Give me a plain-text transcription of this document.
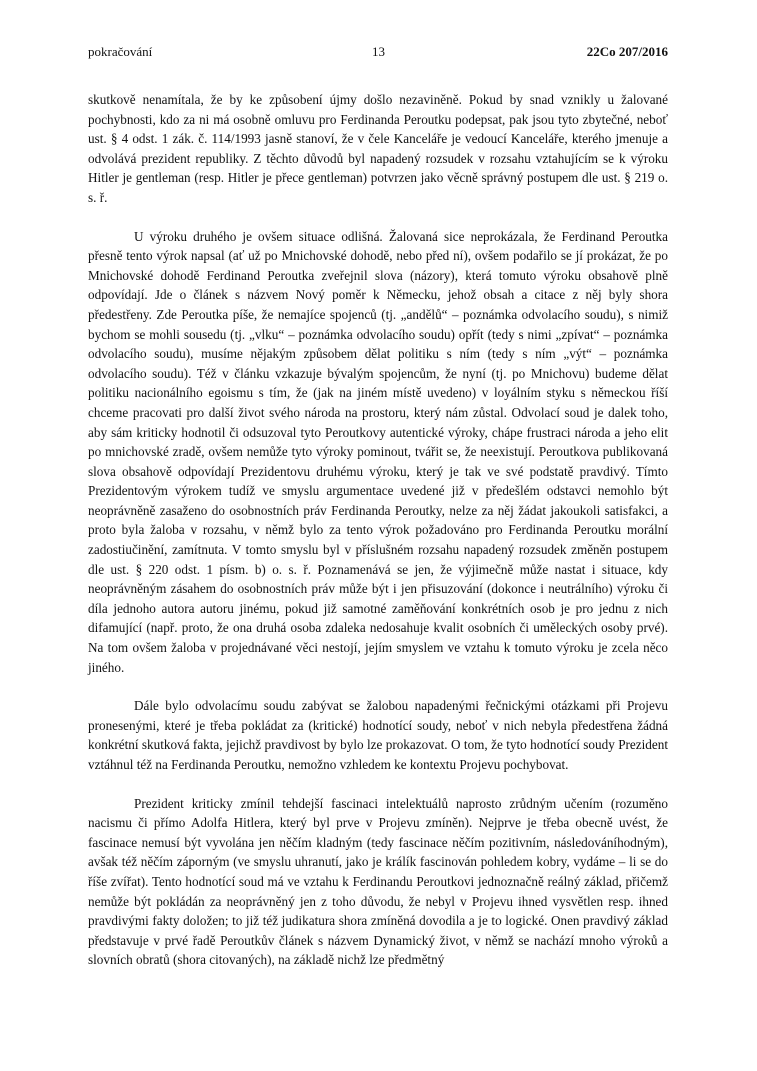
pokračování	13	22Co 207/2016

skutkově nenamítala, že by ke způsobení újmy došlo nezaviněně. Pokud by snad vznikly u žalované pochybnosti, kdo za ni má osobně omluvu pro Ferdinanda Peroutku podepsat, pak jsou tyto zbytečné, neboť ust. § 4 odst. 1 zák. č. 114/1993 jasně stanoví, že v čele Kanceláře je vedoucí Kanceláře, kterého jmenuje a odvolává prezident republiky. Z těchto důvodů byl napadený rozsudek v rozsahu vztahujícím se k výroku Hitler je gentleman (resp. Hitler je přece gentleman) potvrzen jako věcně správný postupem dle ust. § 219 o. s. ř.

U výroku druhého je ovšem situace odlišná. Žalovaná sice neprokázala, že Ferdinand Peroutka přesně tento výrok napsal (ať už po Mnichovské dohodě, nebo před ní), ovšem podařilo se jí prokázat, že po Mnichovské dohodě Ferdinand Peroutka zveřejnil slova (názory), která tomuto výroku obsahově plně odpovídají. Jde o článek s názvem Nový poměr k Německu, jehož obsah a citace z něj byly shora předestřeny. Zde Peroutka píše, že nemajíce spojenců (tj. „andělů“ – poznámka odvolacího soudu), s nimiž bychom se mohli sousedu (tj. „vlku“ – poznámka odvolacího soudu) opřít (tedy s nimi „zpívat“ – poznámka odvolacího soudu), musíme nějakým způsobem dělat politiku s ním (tedy s ním „výt“ – poznámka odvolacího soudu). Též v článku vzkazuje bývalým spojencům, že nyní (tj. po Mnichovu) budeme dělat politiku nacionálního egoismu s tím, že (jak na jiném místě uvedeno) v loyálním styku s německou říší chceme pracovati pro další život svého národa na prostoru, který nám zůstal. Odvolací soud je dalek toho, aby sám kriticky hodnotil či odsuzoval tyto Peroutkovy autentické výroky, chápe frustraci národa a jeho elit po mnichovské zradě, ovšem nemůže tyto výroky pominout, tvářit se, že neexistují. Peroutkova publikovaná slova obsahově odpovídají Prezidentovu druhému výroku, který je tak ve své podstatě pravdivý. Tímto Prezidentovým výrokem tudíž ve smyslu argumentace uvedené již v předešlém odstavci nemohlo být neoprávněně zasaženo do osobnostních práv Ferdinanda Peroutky, nelze za něj žádat jakoukoli satisfakci, a proto byla žaloba v rozsahu, v němž bylo za tento výrok požadováno pro Ferdinanda Peroutku morální zadostiučinění, zamítnuta. V tomto smyslu byl v příslušném rozsahu napadený rozsudek změněn postupem dle ust. § 220 odst. 1 písm. b) o. s. ř. Poznamenává se jen, že výjimečně může nastat i situace, kdy neoprávněným zásahem do osobnostních práv může být i jen přisuzování (dokonce i neutrálního) výroku či díla jednoho autora autoru jinému, pokud již samotné zaměňování konkrétních osob je pro jednu z nich difamující (např. proto, že ona druhá osoba zdaleka nedosahuje kvalit osobních či uměleckých osoby prvé). Na tom ovšem žaloba v projednávané věci nestojí, jejím smyslem ve vztahu k tomuto výroku je zcela něco jiného.

Dále bylo odvolacímu soudu zabývat se žalobou napadenými řečnickými otázkami při Projevu pronesenými, které je třeba pokládat za (kritické) hodnotící soudy, neboť v nich nebyla předestřena žádná konkrétní skutková fakta, jejichž pravdivost by bylo lze prokazovat. O tom, že tyto hodnotící soudy Prezident vztáhnul též na Ferdinanda Peroutku, nemožno vzhledem ke kontextu Projevu pochybovat.

Prezident kriticky zmínil tehdejší fascinaci intelektuálů naprosto zrůdným učením (rozuměno nacismu či přímo Adolfa Hitlera, který byl prve v Projevu zmíněn). Nejprve je třeba obecně uvést, že fascinace nemusí být vyvolána jen něčím kladným (tedy fascinace něčím pozitivním, následováníhodným), avšak též něčím záporným (ve smyslu uhranutí, jako je králík fascinován pohledem kobry, vydáme – li se do říše zvířat). Tento hodnotící soud má ve vztahu k Ferdinandu Peroutkovi jednoznačně reálný základ, přičemž nemůže být pokládán za neoprávněný jen z toho důvodu, že nebyl v Projevu ihned vysvětlen resp. ihned pravdivými fakty doložen; to již též judikatura shora zmíněná dovodila a je to logické. Onen pravdivý základ představuje v prvé řadě Peroutkův článek s názvem Dynamický život, v němž se nachází mnoho výroků a slovních obratů (shora citovaných), na základě nichž lze předmětný
